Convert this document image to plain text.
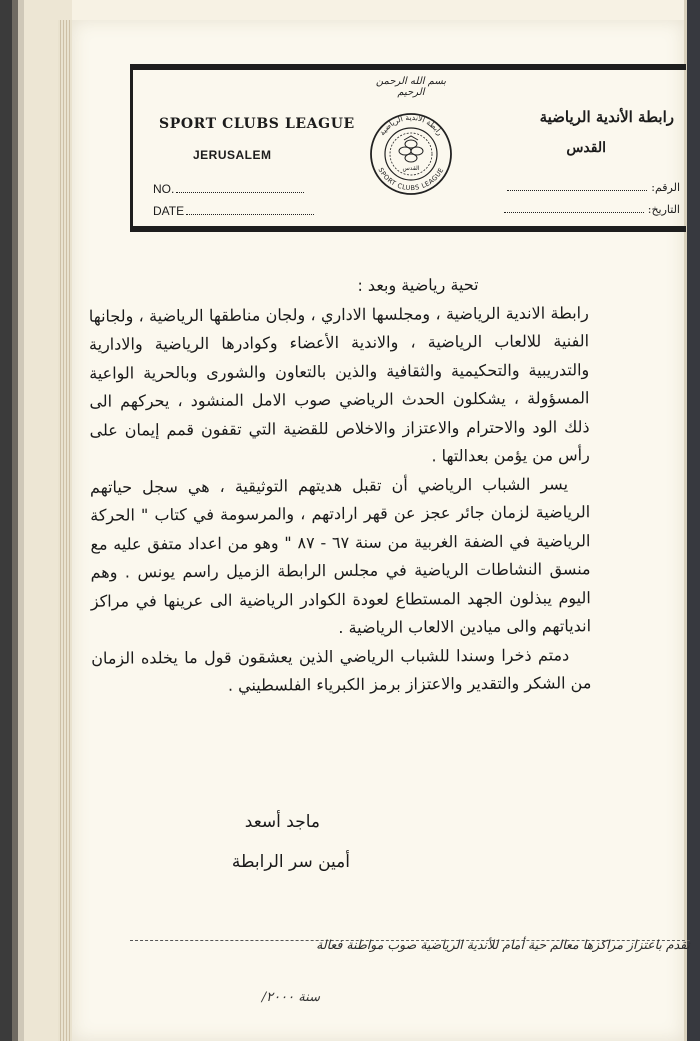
SPORT CLUBS LEAGUE
JERUSALEM
NO.
DATE
بسم الله الرحمن الرحيم
رابطة الاندية الرياضية
SPORT CLUBS LEAGUE
القدس
رابطة الأندية الرياضية
القدس
الرقم:
التاريخ:

تحية رياضية وبعد :

رابطة الاندية الرياضية ، ومجلسها الاداري ، ولجان مناطقها الرياضية ، ولجانها الفنية للالعاب الرياضية ، والاندية الأعضاء وكوادرها الرياضية والادارية والتدريبية والتحكيمية والثقافية والذين بالتعاون والشورى وبالحرية الواعية المسؤولة ، يشكلون الحدث الرياضي صوب الامل المنشود ، يحركهم الى ذلك الود والاحترام والاعتزاز والاخلاص للقضية التي تقفون قمم إيمان على رأس من يؤمن بعدالتها .

يسر الشباب الرياضي أن تقبل هديتهم التوثيقية ، هي سجل حياتهم الرياضية لزمان جائر عجز عن قهر ارادتهم ، والمرسومة في كتاب " الحركة الرياضية في الضفة الغربية من سنة ٦٧ - ٨٧ " وهو من اعداد متفق عليه مع منسق النشاطات الرياضية في مجلس الرابطة الزميل راسم يونس . وهم اليوم يبذلون الجهد المستطاع لعودة الكوادر الرياضية الى عرينها في مراكز اندياتهم والى ميادين الالعاب الرياضية .

دمتم ذخرا وسندا للشباب الرياضي الذين يعشقون قول ما يخلده الزمان من الشكر والتقدير والاعتزاز برمز الكبرياء الفلسطيني .

ماجد أسعد
أمين سر الرابطة
نقدم باعتزاز مراكزها معالم حية أمام للأندية الرياضية صوب مواطنة فعالة
سنة ٢٠٠٠/
